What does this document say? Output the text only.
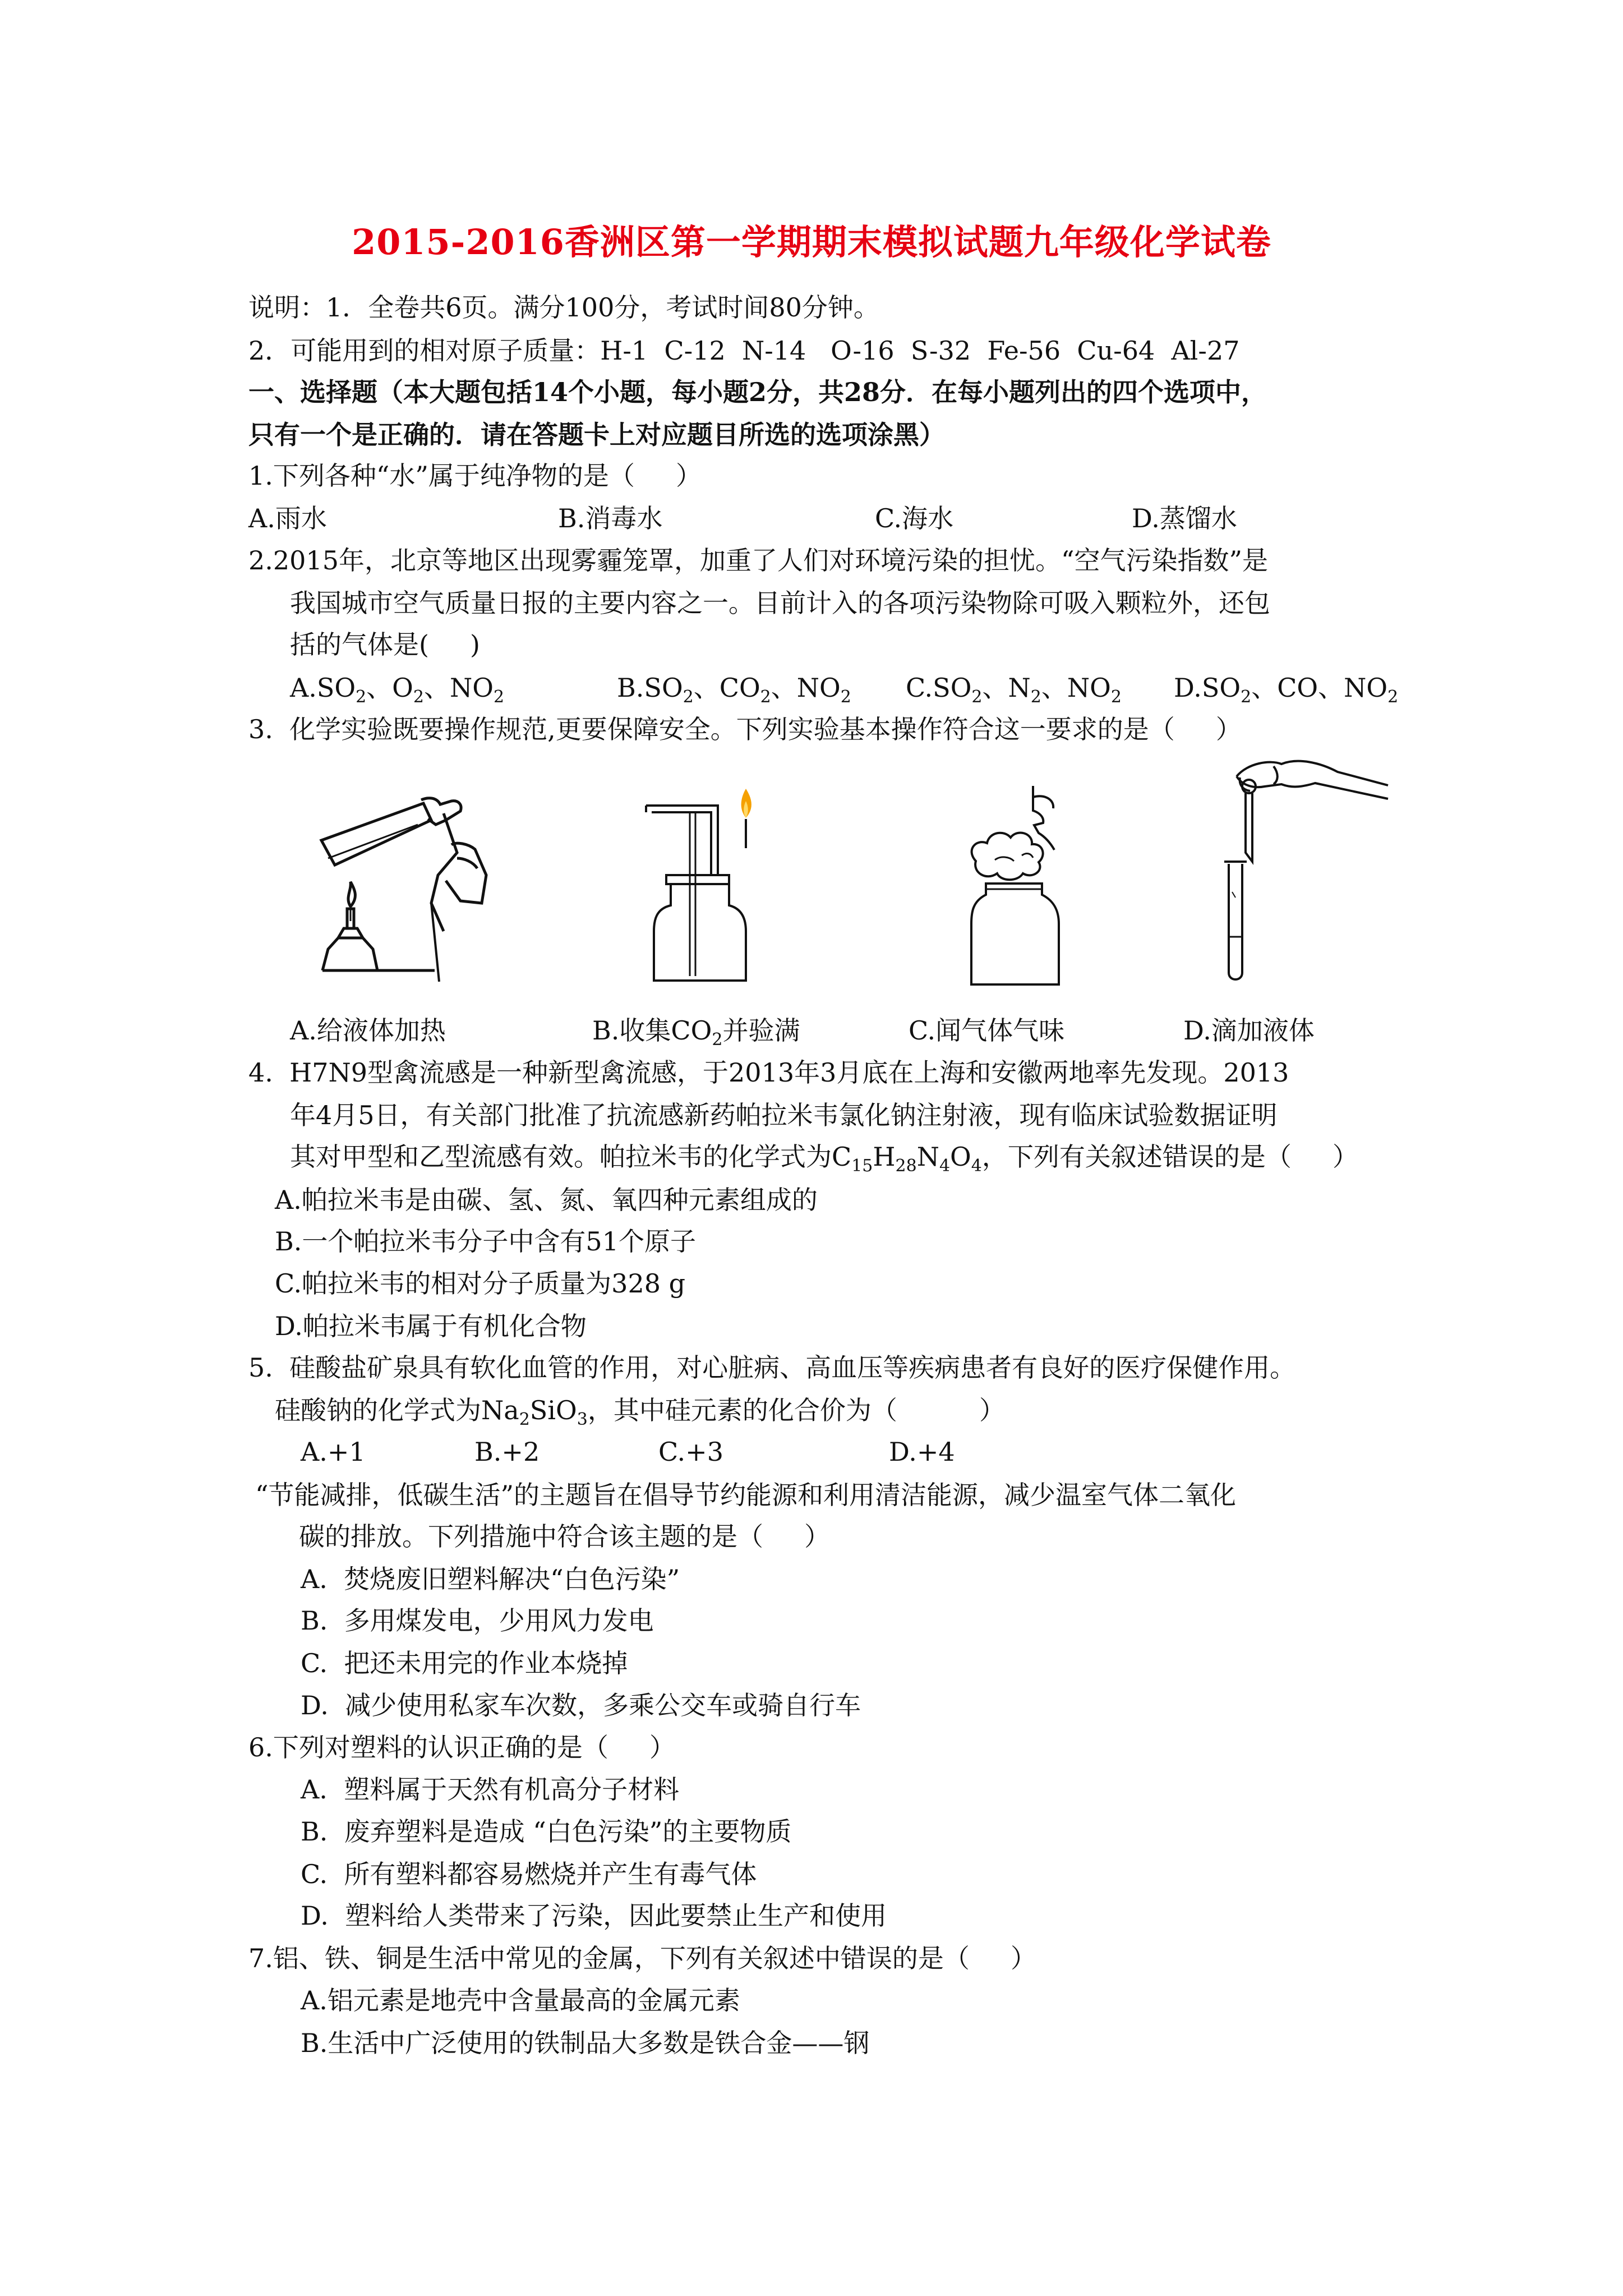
2015-2016香洲区第一学期期末模拟试题九年级化学试卷
说明：1．全卷共6页。满分100分，考试时间80分钟。
2．可能用到的相对原子质量：H-1  C-12  N-14   O-16  S-32  Fe-56  Cu-64  Al-27
一、选择题（本大题包括14个小题，每小题2分，共28分．在每小题列出的四个选项中，
只有一个是正确的．请在答题卡上对应题目所选的选项涂黑）
1.下列各种“水”属于纯净物的是（     ）
A.雨水	B.消毒水	C.海水	D.蒸馏水
2.2015年，北京等地区出现雾霾笼罩，加重了人们对环境污染的担忧。“空气污染指数”是
我国城市空气质量日报的主要内容之一。目前计入的各项污染物除可吸入颗粒外，还包
括的气体是(     )
$A.SO_2$、$O_2$、$NO_2$	$B.SO_2$、$CO_2$、$NO_2$ $C.SO_2$、$N_2$、$NO_2$ $D.SO_2$、CO、$NO_2$
3.  化学实验既要操作规范,更要保障安全。下列实验基本操作符合这一要求的是（     ）
A.给液体加热	B.收集$CO_2$并验满	C.闻气体气味	D.滴加液体
4.  H7N9型禽流感是一种新型禽流感，于2013年3月底在上海和安徽两地率先发现。2013
年4月5日，有关部门批准了抗流感新药帕拉米韦氯化钠注射液，现有临床试验数据证明
其对甲型和乙型流感有效。帕拉米韦的化学式为$C_{15}H_{28}N_4O_4$，下列有关叙述错误的是（     ）
A.帕拉米韦是由碳、氢、氮、氧四种元素组成的
B.一个帕拉米韦分子中含有51个原子
C.帕拉米韦的相对分子质量为328 g
D.帕拉米韦属于有机化合物
5.  硅酸盐矿泉具有软化血管的作用，对心脏病、高血压等疾病患者有良好的医疗保健作用。
硅酸钠的化学式为$Na_2SiO_3$，其中硅元素的化合价为（          ）
A.+1	B.+2	C.+3	D.+4
“节能减排，低碳生活”的主题旨在倡导节约能源和利用清洁能源，减少温室气体二氧化
碳的排放。下列措施中符合该主题的是（     ）
A.  焚烧废旧塑料解决“白色污染”
B.  多用煤发电，少用风力发电
C.  把还未用完的作业本烧掉
D.  减少使用私家车次数，多乘公交车或骑自行车
6.下列对塑料的认识正确的是（     ）
A.  塑料属于天然有机高分子材料
B.  废弃塑料是造成 “白色污染”的主要物质
C.  所有塑料都容易燃烧并产生有毒气体
D.  塑料给人类带来了污染，因此要禁止生产和使用
7.铝、铁、铜是生活中常见的金属，下列有关叙述中错误的是（     ）
A.铝元素是地壳中含量最高的金属元素
B.生活中广泛使用的铁制品大多数是铁合金——钢
